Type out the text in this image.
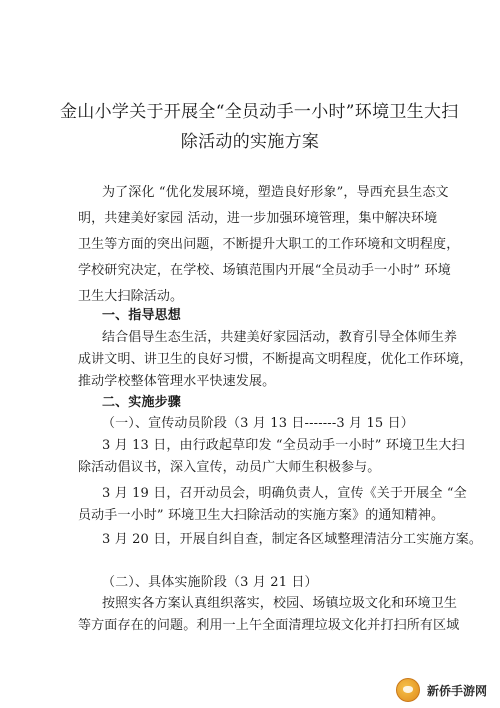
金山小学关于开展全“全员动手一小时”环境卫生大扫
除活动的实施方案
为了深化 “优化发展环境，塑造良好形象”，导西充县生态文
明，共建美好家园 活动，进一步加强环境管理，集中解决环境
卫生等方面的突出问题，不断提升大职工的工作环境和文明程度，
学校研究决定，在学校、场镇范围内开展“全员动手一小时” 环境
卫生大扫除活动。
一、指导思想
结合倡导生态生活，共建美好家园活动，教育引导全体师生养
成讲文明、讲卫生的良好习惯，不断提高文明程度，优化工作环境，
推动学校整体管理水平快速发展。
二、实施步骤
（一）、宣传动员阶段（3 月 13 日-------3 月 15 日）
3 月 13 日，由行政起草印发 “全员动手一小时” 环境卫生大扫
除活动倡议书，深入宣传，动员广大师生积极参与。
3 月 19 日，召开动员会，明确负责人，宣传《关于开展全 “全
员动手一小时” 环境卫生大扫除活动的实施方案》的通知精神。
3 月 20 日，开展自纠自查，制定各区域整理清洁分工实施方案。
（二）、具体实施阶段（3 月 21 日）
按照实各方案认真组织落实，校园、场镇垃圾文化和环境卫生
等方面存在的问题。利用一上午全面清理垃圾文化并打扫所有区域
新侨手游网
